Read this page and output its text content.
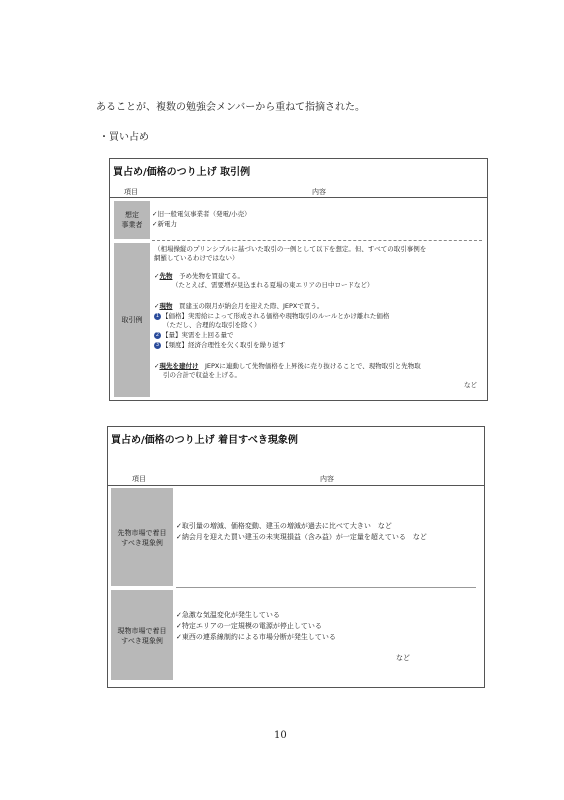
あることが、複数の勉強会メンバーから重ねて指摘された。
・買い占め
買占め/価格のつり上げ 取引例
項目	内容
想定
事業者
✓旧一般電気事業者（発電/小売）
✓新電力
取引例
（相場操縦のプリンシプルに基づいた取引の一例として以下を想定。但、すべての取引事例を
網羅しているわけではない）
✓先物　 予め先物を買建てる。
（たとえば、需要増が見込まれる夏場の東エリアの日中ロードなど）
✓現物　 買建玉の限月が納会月を迎えた際、JEPXで買う。
1 【価格】実需給によって形成される価格や現物取引のルールとかけ離れた価格
（ただし、合理的な取引を除く）
2 【量】実需を上回る量で
3 【頻度】経済合理性を欠く取引を繰り返す
✓現先を建付け　 JEPXに連動して先物価格を上昇後に売り抜けることで、現物取引と先物取
引の合計で収益を上げる。
など
買占め/価格のつり上げ 着目すべき現象例
項目	内容
先物市場で着目
すべき現象例
✓取引量の増減、価格変動、建玉の増減が過去に比べて大きい　など
✓納会月を迎えた買い建玉の未実現損益（含み益）が一定量を超えている　など
現物市場で着目
すべき現象例
✓急激な気温変化が発生している
✓特定エリアの一定規模の電源が停止している
✓東西の連系線制約による市場分断が発生している
など
10
